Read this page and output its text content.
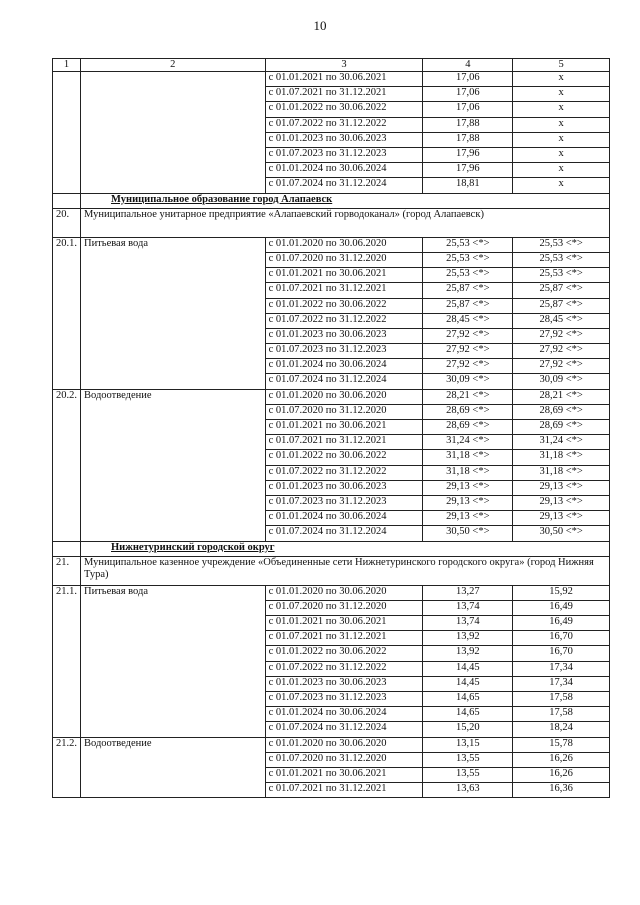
10
1	2	3	4	5
		с 01.01.2021 по 30.06.2021	17,06	х
		с 01.07.2021 по 31.12.2021	17,06	х
		с 01.01.2022 по 30.06.2022	17,06	х
		с 01.07.2022 по 31.12.2022	17,88	х
		с 01.01.2023 по 30.06.2023	17,88	х
		с 01.07.2023 по 31.12.2023	17,96	х
		с 01.01.2024 по 30.06.2024	17,96	х
		с 01.07.2024 по 31.12.2024	18,81	х
	Муниципальное образование город Алапаевск			
20.	Муниципальное унитарное предприятие «Алапаевский горводоканал» (город Алапаевск)			
20.1.	Питьевая вода	с 01.01.2020 по 30.06.2020	25,53 <*>	25,53 <*>
		с 01.07.2020 по 31.12.2020	25,53 <*>	25,53 <*>
		с 01.01.2021 по 30.06.2021	25,53 <*>	25,53 <*>
		с 01.07.2021 по 31.12.2021	25,87 <*>	25,87 <*>
		с 01.01.2022 по 30.06.2022	25,87 <*>	25,87 <*>
		с 01.07.2022 по 31.12.2022	28,45 <*>	28,45 <*>
		с 01.01.2023 по 30.06.2023	27,92 <*>	27,92 <*>
		с 01.07.2023 по 31.12.2023	27,92 <*>	27,92 <*>
		с 01.01.2024 по 30.06.2024	27,92 <*>	27,92 <*>
		с 01.07.2024 по 31.12.2024	30,09 <*>	30,09 <*>
20.2.	Водоотведение	с 01.01.2020 по 30.06.2020	28,21 <*>	28,21 <*>
		с 01.07.2020 по 31.12.2020	28,69 <*>	28,69 <*>
		с 01.01.2021 по 30.06.2021	28,69 <*>	28,69 <*>
		с 01.07.2021 по 31.12.2021	31,24 <*>	31,24 <*>
		с 01.01.2022 по 30.06.2022	31,18 <*>	31,18 <*>
		с 01.07.2022 по 31.12.2022	31,18 <*>	31,18 <*>
		с 01.01.2023 по 30.06.2023	29,13 <*>	29,13 <*>
		с 01.07.2023 по 31.12.2023	29,13 <*>	29,13 <*>
		с 01.01.2024 по 30.06.2024	29,13 <*>	29,13 <*>
		с 01.07.2024 по 31.12.2024	30,50 <*>	30,50 <*>
	Нижнетуринский городской округ			
21.	Муниципальное казенное учреждение «Объединенные сети Нижнетуринского городского округа» (город Нижняя Тура)			
21.1.	Питьевая вода	с 01.01.2020 по 30.06.2020	13,27	15,92
		с 01.07.2020 по 31.12.2020	13,74	16,49
		с 01.01.2021 по 30.06.2021	13,74	16,49
		с 01.07.2021 по 31.12.2021	13,92	16,70
		с 01.01.2022 по 30.06.2022	13,92	16,70
		с 01.07.2022 по 31.12.2022	14,45	17,34
		с 01.01.2023 по 30.06.2023	14,45	17,34
		с 01.07.2023 по 31.12.2023	14,65	17,58
		с 01.01.2024 по 30.06.2024	14,65	17,58
		с 01.07.2024 по 31.12.2024	15,20	18,24
21.2.	Водоотведение	с 01.01.2020 по 30.06.2020	13,15	15,78
		с 01.07.2020 по 31.12.2020	13,55	16,26
		с 01.01.2021 по 30.06.2021	13,55	16,26
		с 01.07.2021 по 31.12.2021	13,63	16,36
